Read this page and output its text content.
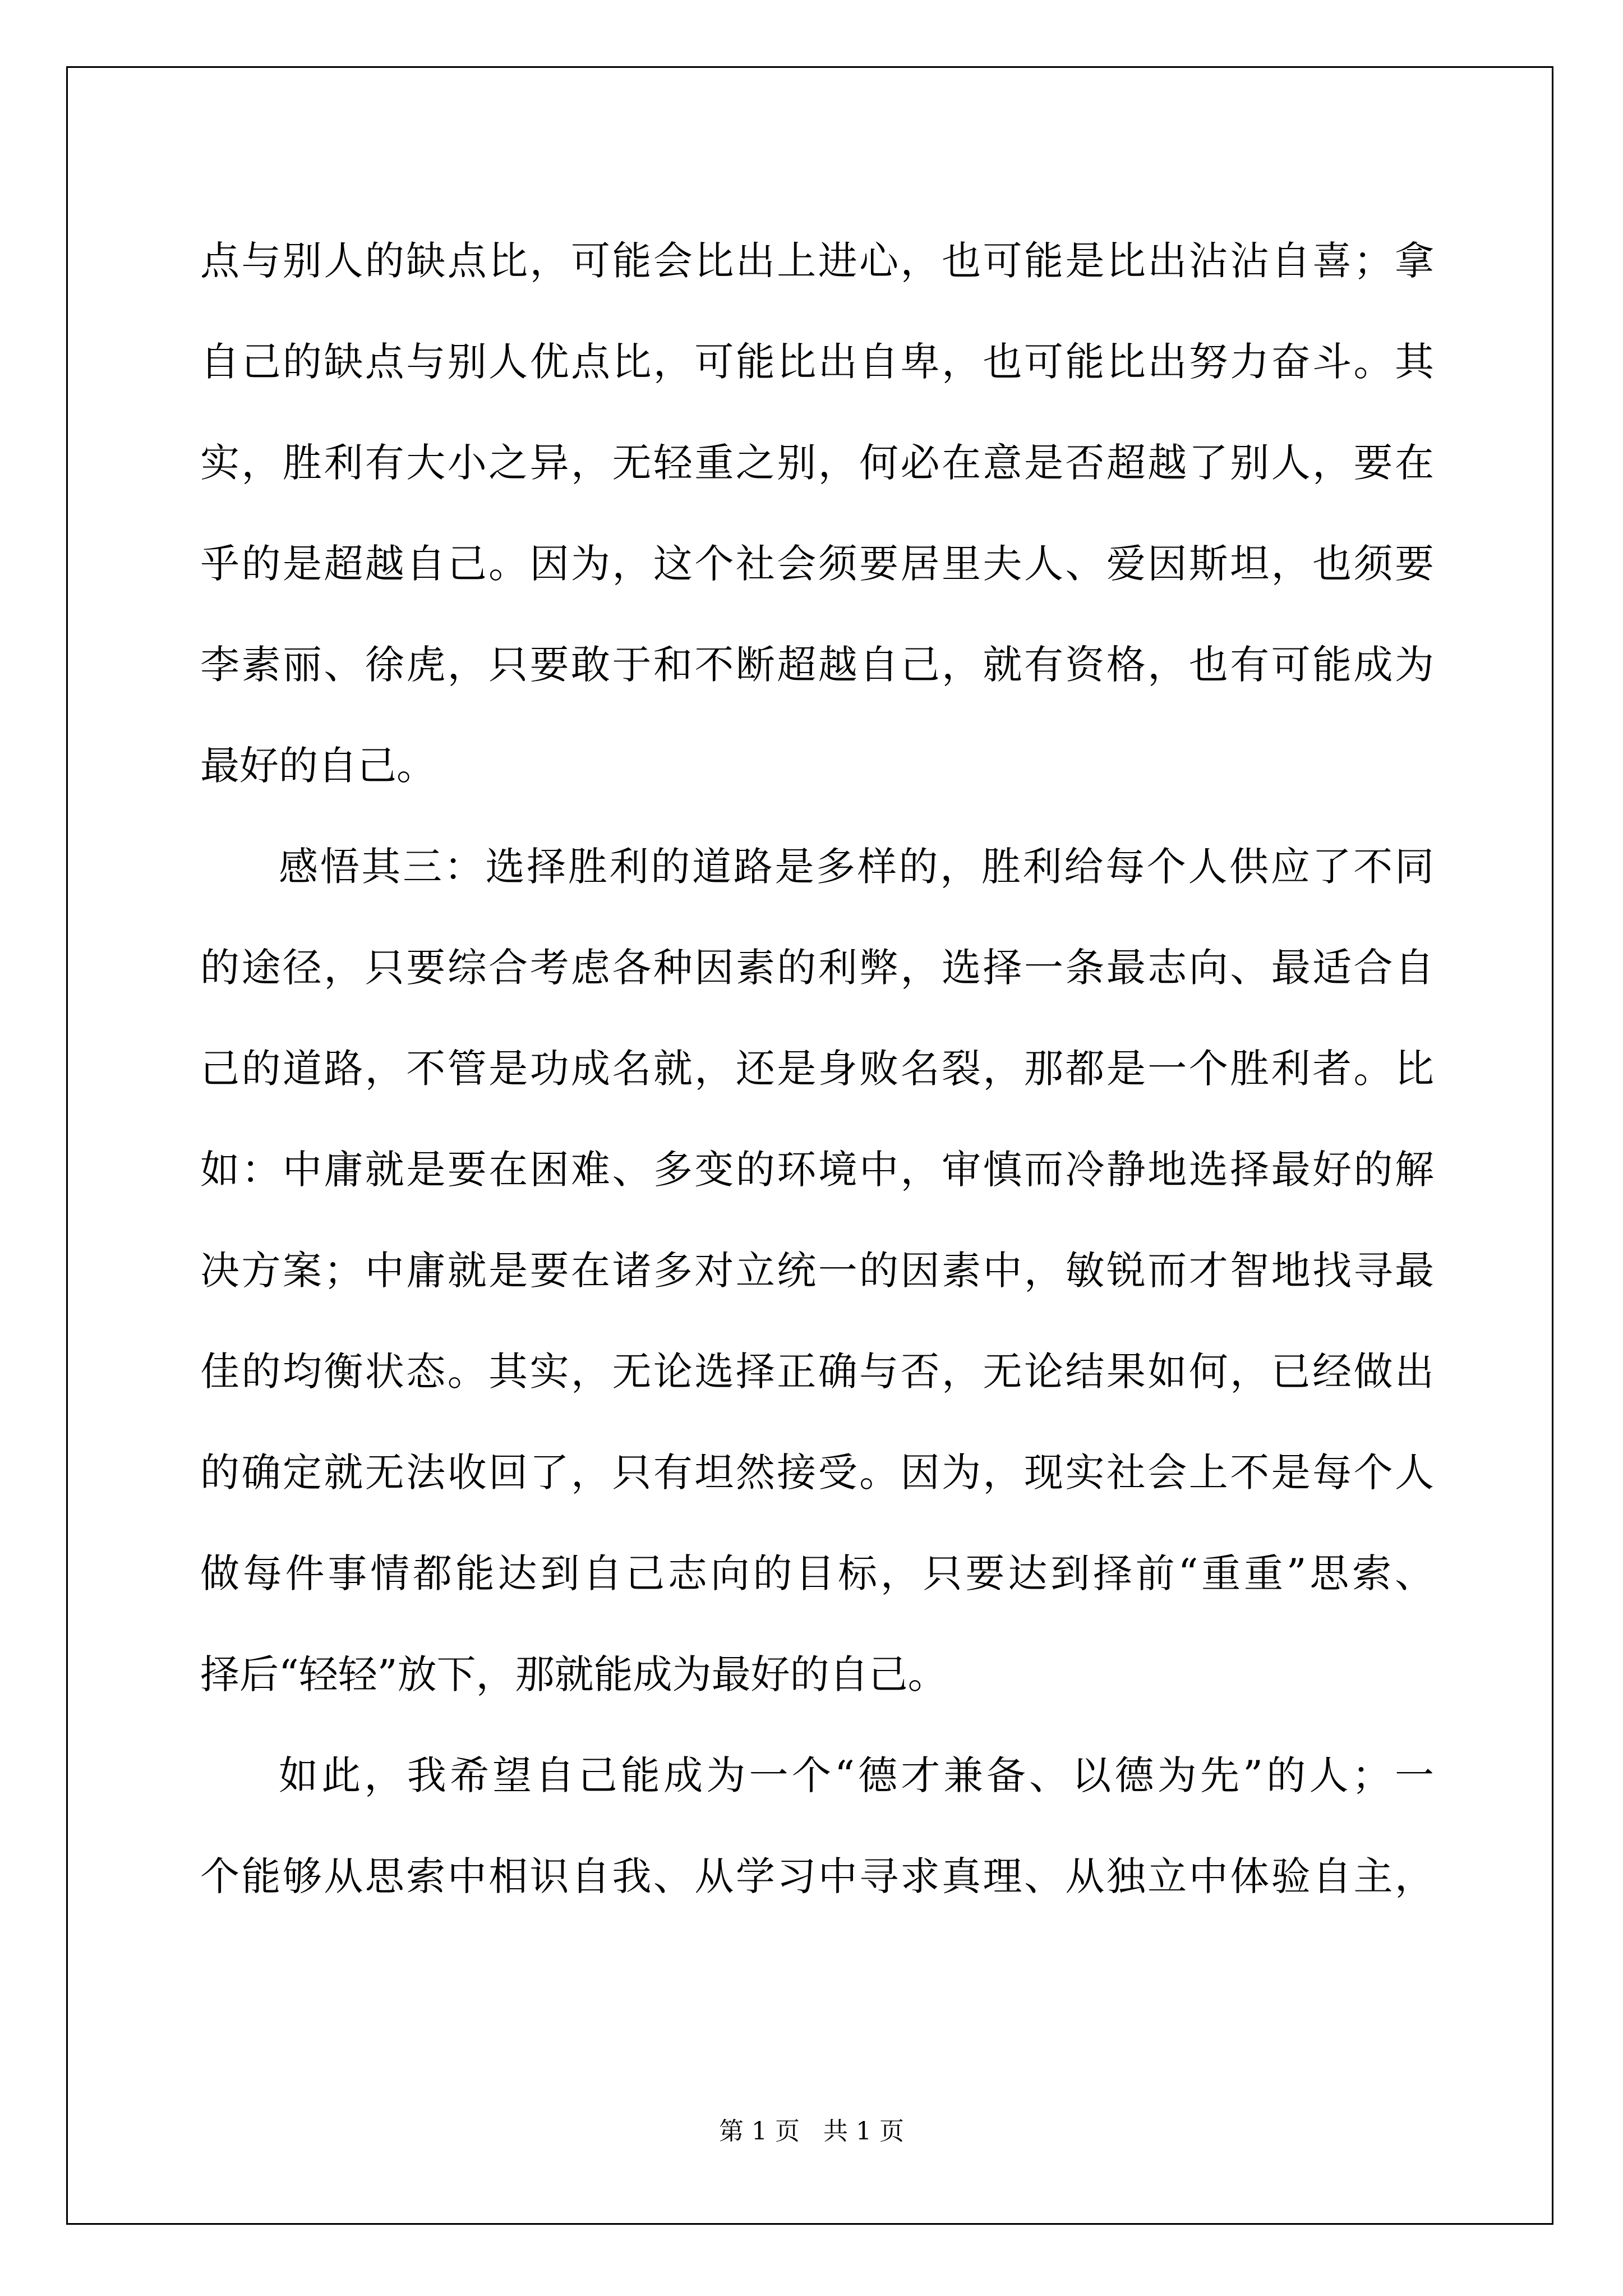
点与别人的缺点比，可能会比出上进心，也可能是比出沾沾自喜；拿
自己的缺点与别人优点比，可能比出自卑，也可能比出努力奋斗。其
实，胜利有大小之异，无轻重之别，何必在意是否超越了别人，要在
乎的是超越自己。因为，这个社会须要居里夫人、爱因斯坦，也须要
李素丽、徐虎，只要敢于和不断超越自己，就有资格，也有可能成为
最好的自己。
感悟其三：选择胜利的道路是多样的，胜利给每个人供应了不同
的途径，只要综合考虑各种因素的利弊，选择一条最志向、最适合自
己的道路，不管是功成名就，还是身败名裂，那都是一个胜利者。比
如：中庸就是要在困难、多变的环境中，审慎而冷静地选择最好的解
决方案；中庸就是要在诸多对立统一的因素中，敏锐而才智地找寻最
佳的均衡状态。其实，无论选择正确与否，无论结果如何，已经做出
的确定就无法收回了，只有坦然接受。因为，现实社会上不是每个人
做每件事情都能达到自己志向的目标，只要达到择前“重重”思索、
择后“轻轻”放下，那就能成为最好的自己。
如此，我希望自己能成为一个“德才兼备、以德为先”的人；一
个能够从思索中相识自我、从学习中寻求真理、从独立中体验自主，
第 1 页   共 1 页
